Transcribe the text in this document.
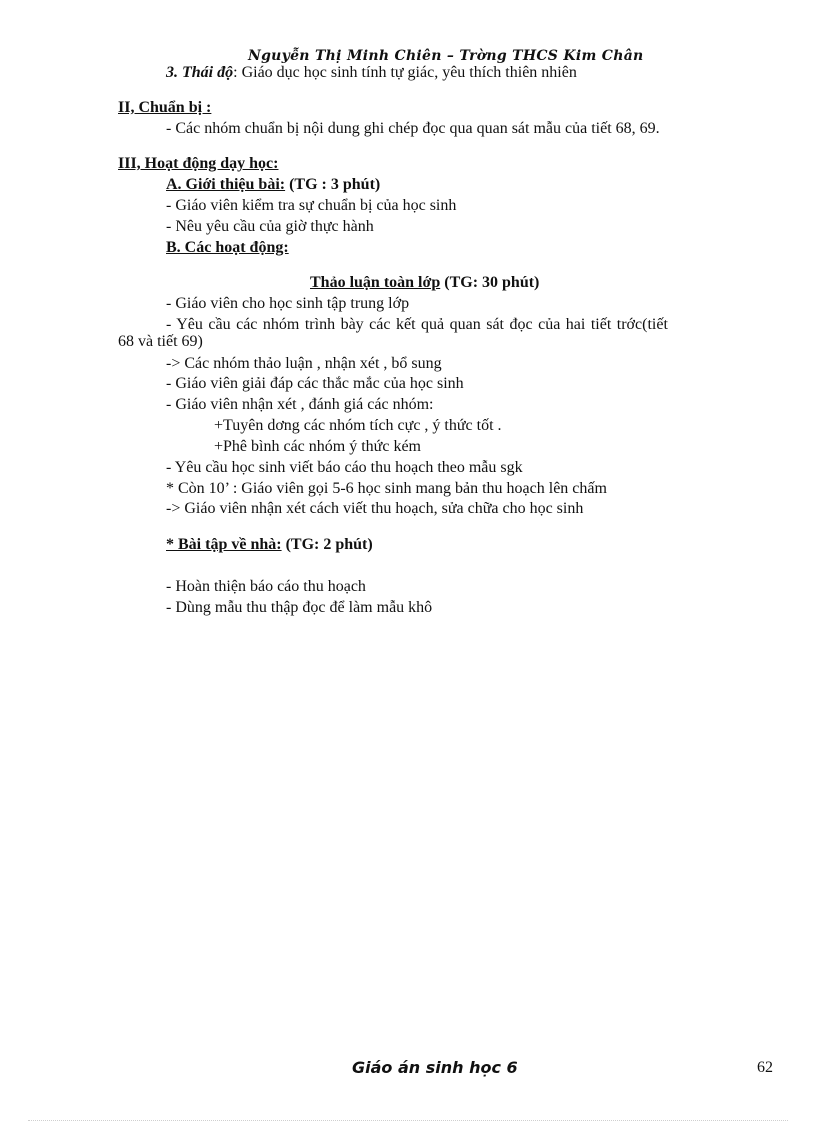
Nguyễn Thị Minh Chiên – Trờng THCS Kim Chân
3. Thái độ: Giáo dục học sinh tính tự giác, yêu thích thiên nhiên
II, Chuẩn bị :
- Các nhóm chuẩn bị nội dung ghi chép đọc qua quan sát mẫu của tiết 68, 69.
III, Hoạt động dạy học:
A. Giới thiệu bài: (TG : 3 phút)
- Giáo viên kiểm tra sự chuẩn bị của học sinh
- Nêu yêu cầu của giờ thực hành
B. Các hoạt động:
Thảo luận toàn lớp (TG: 30 phút)
- Giáo viên cho học sinh tập trung lớp
- Yêu cầu các nhóm trình bày các kết quả quan sát đọc của hai tiết trớc(tiết
68 và tiết 69)
-> Các nhóm thảo luận , nhận xét , bổ sung
- Giáo viên giải đáp các thắc mắc của học sinh
- Giáo viên nhận xét , đánh giá các nhóm:
+Tuyên dơng các nhóm tích cực , ý thức tốt .
+Phê bình các nhóm ý thức kém
- Yêu cầu học sinh viết báo cáo thu hoạch theo mẫu sgk
* Còn 10’ : Giáo viên gọi 5-6 học sinh mang bản thu hoạch lên chấm
-> Giáo viên nhận xét cách viết thu hoạch, sửa chữa cho học sinh
* Bài tập về nhà: (TG: 2 phút)
- Hoàn thiện báo cáo thu hoạch
- Dùng mẫu thu thập đọc để làm mẫu khô
Giáo án sinh học 6	62
